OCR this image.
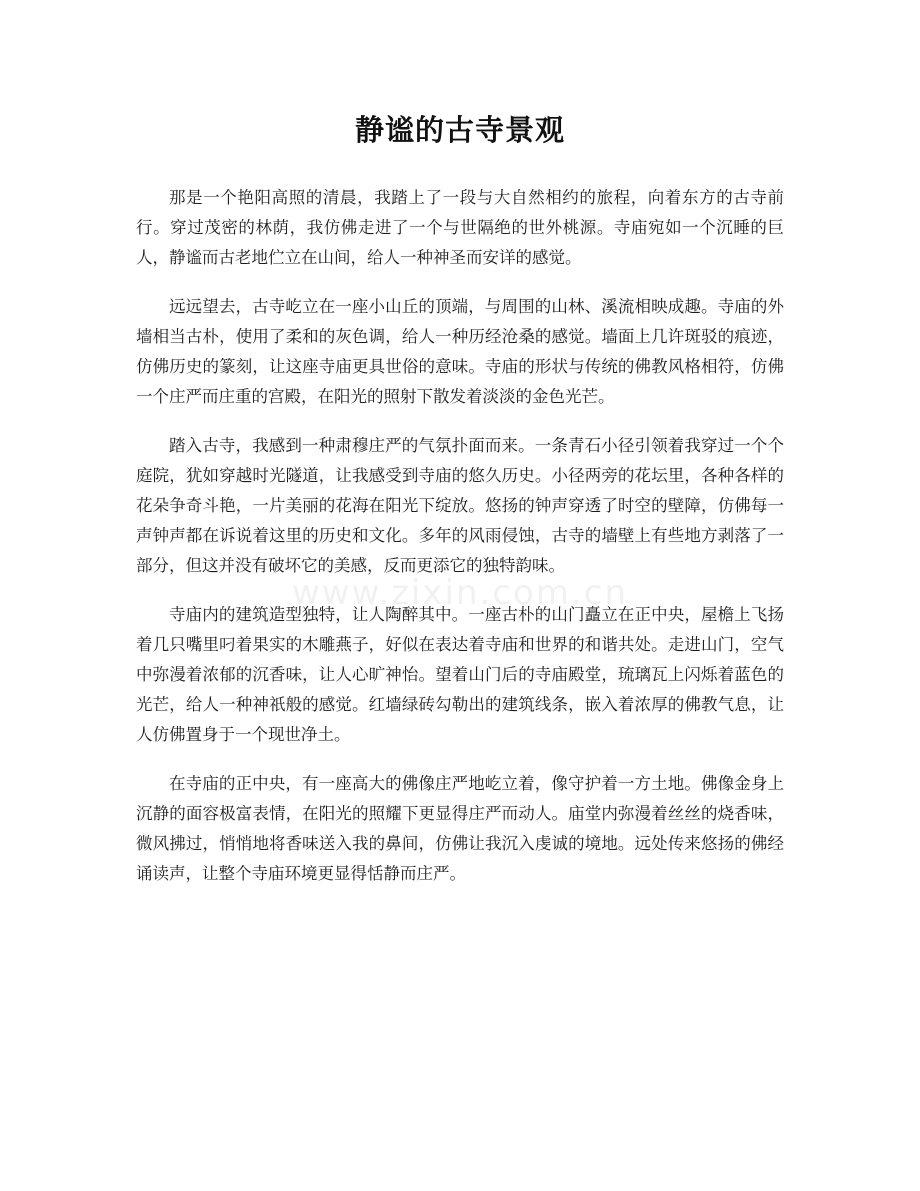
静谧的古寺景观

那是一个艳阳高照的清晨，我踏上了一段与大自然相约的旅程，向着东方的古寺前行。穿过茂密的林荫，我仿佛走进了一个与世隔绝的世外桃源。寺庙宛如一个沉睡的巨人，静谧而古老地伫立在山间，给人一种神圣而安详的感觉。

远远望去，古寺屹立在一座小山丘的顶端，与周围的山林、溪流相映成趣。寺庙的外墙相当古朴，使用了柔和的灰色调，给人一种历经沧桑的感觉。墙面上几许斑驳的痕迹，仿佛历史的篆刻，让这座寺庙更具世俗的意味。寺庙的形状与传统的佛教风格相符，仿佛一个庄严而庄重的宫殿，在阳光的照射下散发着淡淡的金色光芒。

踏入古寺，我感到一种肃穆庄严的气氛扑面而来。一条青石小径引领着我穿过一个个庭院，犹如穿越时光隧道，让我感受到寺庙的悠久历史。小径两旁的花坛里，各种各样的花朵争奇斗艳，一片美丽的花海在阳光下绽放。悠扬的钟声穿透了时空的壁障，仿佛每一声钟声都在诉说着这里的历史和文化。多年的风雨侵蚀，古寺的墙壁上有些地方剥落了一部分，但这并没有破坏它的美感，反而更添它的独特韵味。

寺庙内的建筑造型独特，让人陶醉其中。一座古朴的山门矗立在正中央，屋檐上飞扬着几只嘴里叼着果实的木雕燕子，好似在表达着寺庙和世界的和谐共处。走进山门，空气中弥漫着浓郁的沉香味，让人心旷神怡。望着山门后的寺庙殿堂，琉璃瓦上闪烁着蓝色的光芒，给人一种神祇般的感觉。红墙绿砖勾勒出的建筑线条，嵌入着浓厚的佛教气息，让人仿佛置身于一个现世净土。

在寺庙的正中央，有一座高大的佛像庄严地屹立着，像守护着一方土地。佛像金身上沉静的面容极富表情，在阳光的照耀下更显得庄严而动人。庙堂内弥漫着丝丝的烧香味，微风拂过，悄悄地将香味送入我的鼻间，仿佛让我沉入虔诚的境地。远处传来悠扬的佛经诵读声，让整个寺庙环境更显得恬静而庄严。

www.zixin.com.cn
